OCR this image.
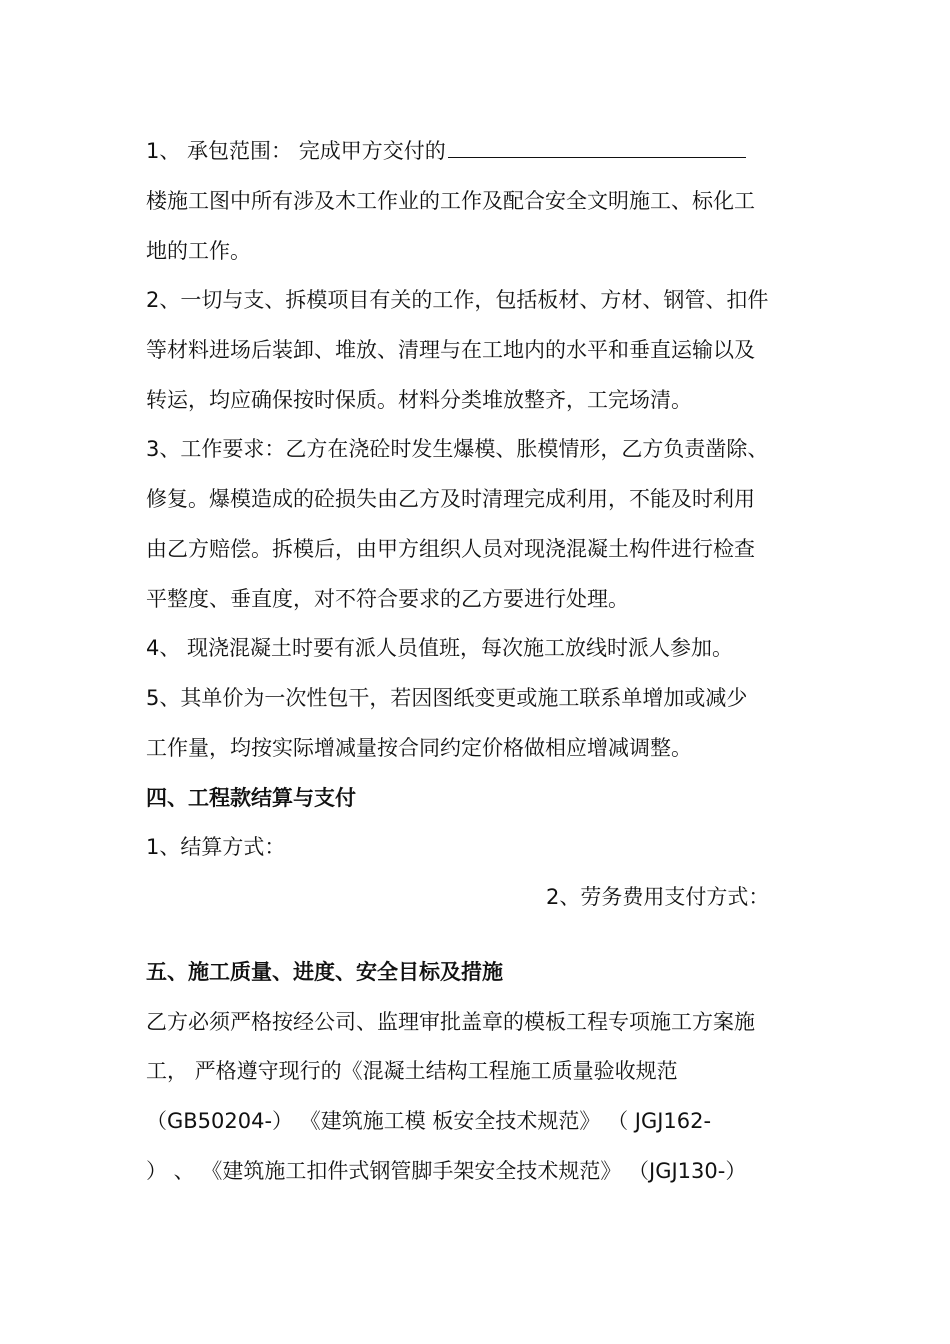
1、 承包范围： 完成甲方交付的
楼施工图中所有涉及木工作业的工作及配合安全文明施工、标化工
地的工作。
2、一切与支、拆模项目有关的工作，包括板材、方材、钢管、扣件
等材料进场后装卸、堆放、清理与在工地内的水平和垂直运输以及
转运，均应确保按时保质。材料分类堆放整齐，工完场清。
3、工作要求：乙方在浇砼时发生爆模、胀模情形，乙方负责凿除、
修复。爆模造成的砼损失由乙方及时清理完成利用，不能及时利用
由乙方赔偿。拆模后，由甲方组织人员对现浇混凝土构件进行检查
平整度、垂直度，对不符合要求的乙方要进行处理。
4、 现浇混凝土时要有派人员值班，每次施工放线时派人参加。
5、其单价为一次性包干，若因图纸变更或施工联系单增加或减少
工作量，均按实际增减量按合同约定价格做相应增减调整。
四、工程款结算与支付
1、结算方式：
2、劳务费用支付方式：
五、施工质量、进度、安全目标及措施
乙方必须严格按经公司、监理审批盖章的模板工程专项施工方案施
工， 严格遵守现行的《混凝土结构工程施工质量验收规范
（GB50204-） 《建筑施工模 板安全技术规范》 （ JGJ162-
） 、 《建筑施工扣件式钢管脚手架安全技术规范》 （JGJ130-）
